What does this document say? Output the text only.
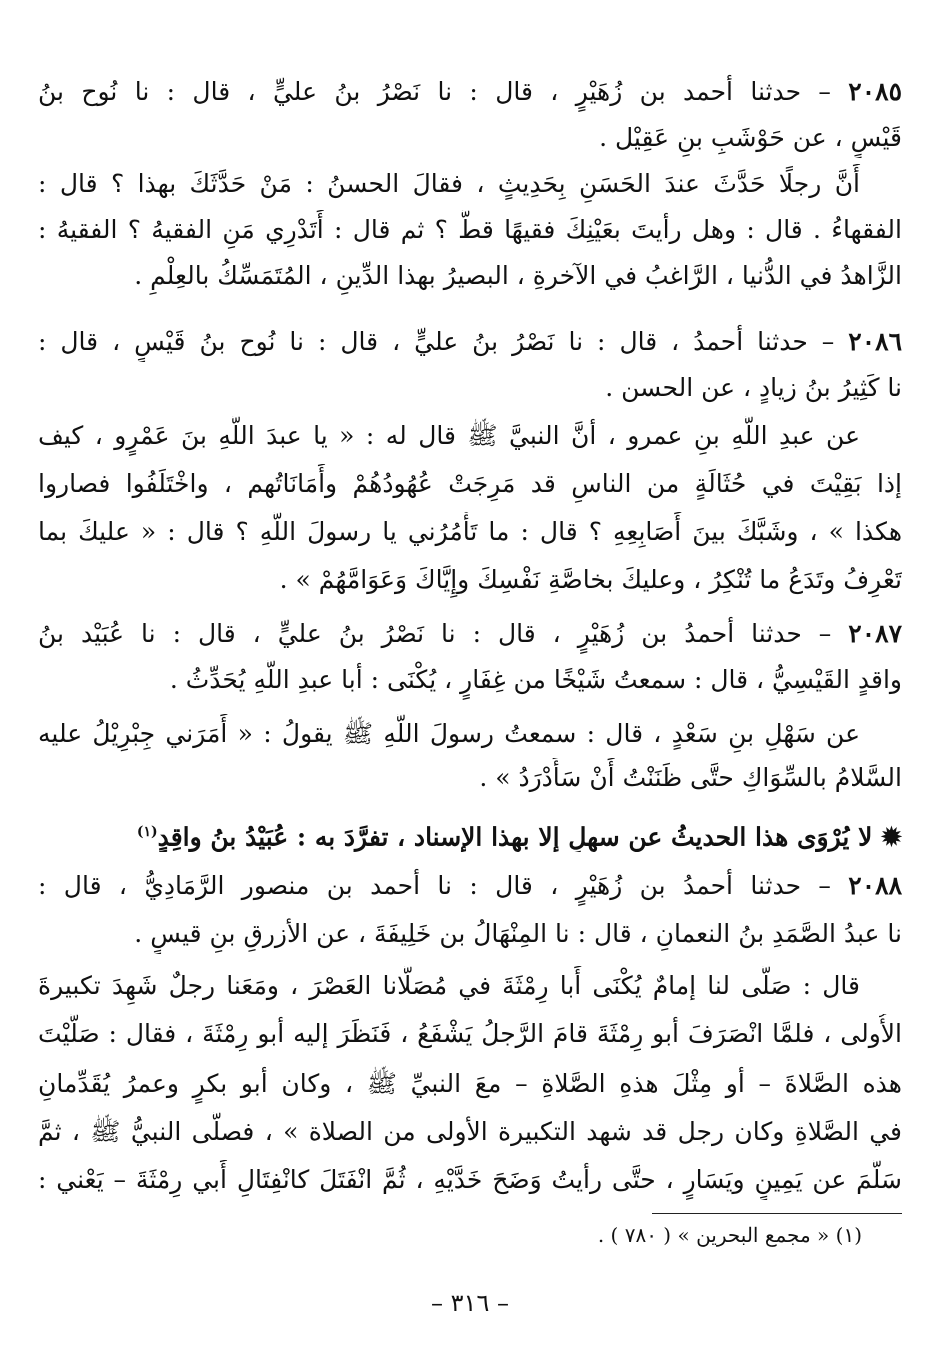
٢٠٨٥ – حدثنا أحمد بن زُهَيْرٍ ، قال : نا نَصْرُ بنُ عليٍّ ، قال : نا نُوح بنُ
قَيْسٍ ، عن حَوْشَبِ بنِ عَقِيْل .
أَنَّ رجلًا حَدَّثَ عندَ الحَسَنِ بِحَدِيثٍ ، فقالَ الحسنُ : مَنْ حَدَّثَكَ بهذا ؟ قال :
الفقهاءُ . قال : وهل رأيتَ بعَيْنِكَ فقيهًا قطُّ ؟ ثم قال : أَتَدْرِي مَنِ الفقيهُ ؟ الفقيهُ :
الزَّاهدُ في الدُّنيا ، الرَّاغبُ في الآخرةِ ، البصيرُ بهذا الدِّينِ ، المُتَمَسِّكُ بالعِلْمِ .
٢٠٨٦ – حدثنا أحمدُ ، قال : نا نَصْرُ بنُ عليٍّ ، قال : نا نُوح بنُ قَيْسٍ ، قال :
نا كَثِيرُ بنُ زيادٍ ، عن الحسن .
عن عبدِ اللَّهِ بنِ عمرو ، أنَّ النبيَّ ﷺ قال له : « يا عبدَ اللَّهِ بنَ عَمْرٍو ، كيف
إذا بَقِيْتَ في حُثَالَةٍ من الناسِ قد مَرِجَتْ عُهُودُهُمْ وأَمَانَاتُهم ، واخْتَلَفُوا فصاروا
هكذا » ، وشَبَّكَ بينَ أَصَابِعِهِ ؟ قال : ما تَأْمُرُني يا رسولَ اللَّهِ ؟ قال : « عليكَ بما
تَعْرِفُ وتَدَعُ ما تُنْكِرُ ، وعليكَ بخاصَّةِ نَفْسِكَ وإِيَّاكَ وَعَوَامَّهُمْ » .
٢٠٨٧ – حدثنا أحمدُ بن زُهَيْرٍ ، قال : نا نَصْرُ بنُ عليٍّ ، قال : نا عُبَيْد بنُ
واقدٍ القَيْسِيُّ ، قال : سمعتُ شَيْخًا من غِفَارٍ ، يُكْنَى : أبا عبدِ اللَّهِ يُحَدِّثُ .
عن سَهْلِ بنِ سَعْدٍ ، قال : سمعتُ رسولَ اللَّهِ ﷺ يقولُ : « أَمَرَني جِبْرِيْلُ عليه
السَّلامُ بالسِّوَاكِ حتَّى ظَنَنْتُ أَنْ سَأَدْرَدُ » .
✹ لا يُرْوَى هذا الحديثُ عن سهلٍ إلا بهذا الإسناد ، تفرَّدَ به : عُبَيْدُ بنُ واقِدٍ$^{(١)}$
٢٠٨٨ – حدثنا أحمدُ بن زُهَيْرٍ ، قال : نا أحمد بن منصور الرَّمَادِيُّ ، قال :
نا عبدُ الصَّمَدِ بنُ النعمانِ ، قال : نا المِنْهَالُ بن خَلِيفَةَ ، عن الأزرقِ بنِ قيسٍ .
قال : صَلَّى لنا إمامٌ يُكْنَى أَبا رِمْثَةَ في مُصَلَّانا العَصْرَ ، ومَعَنا رجلٌ شَهِدَ تكبيرةَ
الأُولى ، فلمَّا انْصَرَفَ أبو رِمْثَةَ قامَ الرَّجلُ يَشْفَعُ ، فَنَظَرَ إليه أبو رِمْثَةَ ، فقال : صَلَّيْتَ
هذه الصَّلاةَ – أو مِثْلَ هذهِ الصَّلاةِ – معَ النبيِّ ﷺ ، وكان أبو بكرٍ وعمرُ يُقَدِّمانِ
في الصَّلاةِ وكان رجل قد شهد التكبيرة الأولى من الصلاة » ، فصلَّى النبيُّ ﷺ ، ثمَّ
سَلَّمَ عن يَمِينٍ ويَسَارٍ ، حتَّى رأيتُ وَضَحَ خَدَّيْهِ ، ثُمَّ انْفَتَلَ كانْفِتَالِ أَبي رِمْثَةَ – يَعْني :
(١) « مجمع البحرين » ( ٧٨٠ ) .
– ٣١٦ –
